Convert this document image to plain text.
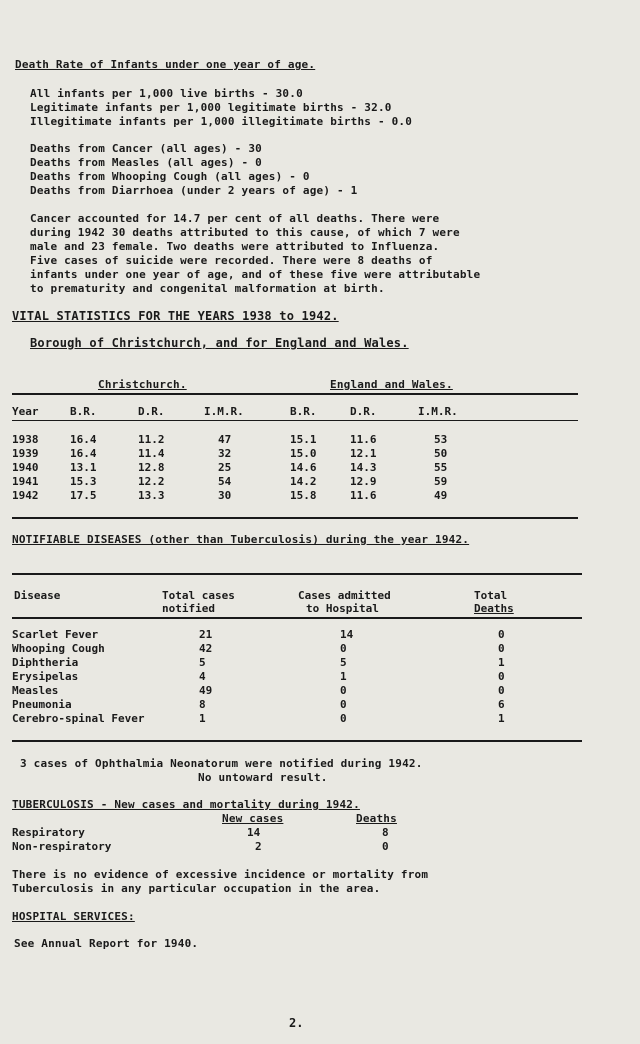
Death Rate of Infants under one year of age.
All infants per 1,000 live births - 30.0
Legitimate infants per 1,000 legitimate births - 32.0
Illegitimate infants per 1,000 illegitimate births - 0.0
Deaths from Cancer (all ages) - 30
Deaths from Measles (all ages) - 0
Deaths from Whooping Cough (all ages) - 0
Deaths from Diarrhoea (under 2 years of age) - 1
Cancer accounted for 14.7 per cent of all deaths. There were
during 1942 30 deaths attributed to this cause, of which 7 were
male and 23 female. Two deaths were attributed to Influenza.
Five cases of suicide were recorded. There were 8 deaths of
infants under one year of age, and of these five were attributable
to prematurity and congenital malformation at birth.
VITAL STATISTICS FOR THE YEARS 1938 to 1942.
Borough of Christchurch, and for England and Wales.
Christchurch.	England and Wales.
Year	B.R.	D.R.	I.M.R.	B.R.	D.R.	I.M.R.
1938	16.4	11.2	47	15.1	11.6	53
1939	16.4	11.4	32	15.0	12.1	50
1940	13.1	12.8	25	14.6	14.3	55
1941	15.3	12.2	54	14.2	12.9	59
1942	17.5	13.3	30	15.8	11.6	49
NOTIFIABLE DISEASES (other than Tuberculosis) during the year 1942.
Disease	Total cases	Cases admitted	Total
notified	to Hospital	Deaths
Scarlet Fever	21	14	0
Whooping Cough	42	0	0
Diphtheria	5	5	1
Erysipelas	4	1	0
Measles	49	0	0
Pneumonia	8	0	6
Cerebro-spinal Fever	1	0	1
3 cases of Ophthalmia Neonatorum were notified during 1942.
No untoward result.
TUBERCULOSIS - New cases and mortality during 1942.
New cases	Deaths
Respiratory	14	8
Non-respiratory	2	0
There is no evidence of excessive incidence or mortality from
Tuberculosis in any particular occupation in the area.
HOSPITAL SERVICES:
See Annual Report for 1940.
2.
